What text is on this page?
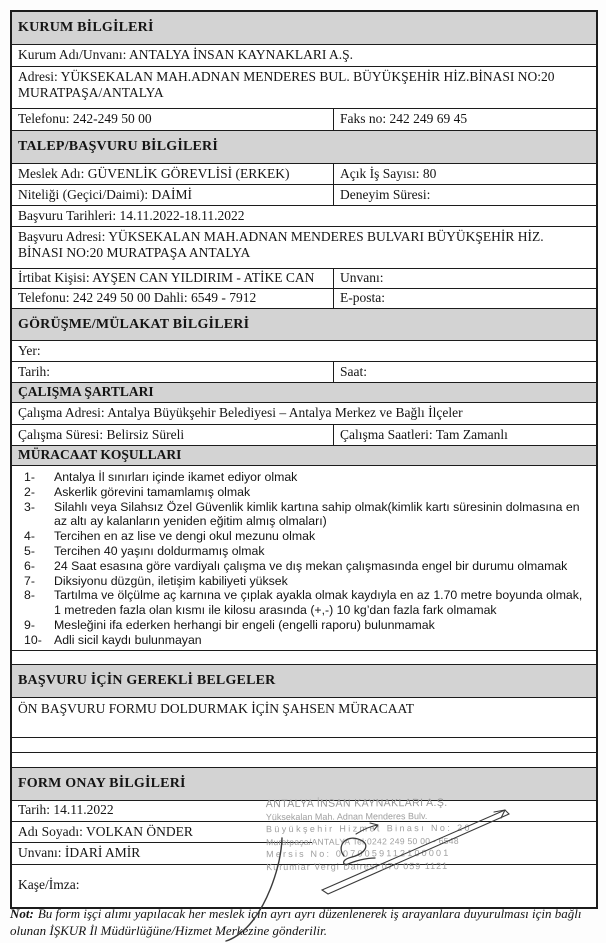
KURUM BİLGİLERİ
Kurum Adı/Unvanı: ANTALYA İNSAN KAYNAKLARI A.Ş.
Adresi: YÜKSEKALAN MAH.ADNAN MENDERES BUL. BÜYÜKŞEHİR HİZ.BİNASI NO:20 MURATPAŞA/ANTALYA
Telefonu: 242-249 50 00	Faks no: 242 249 69 45
TALEP/BAŞVURU BİLGİLERİ
Meslek Adı: GÜVENLİK GÖREVLİSİ (ERKEK)	Açık İş Sayısı: 80
Niteliği (Geçici/Daimi): DAİMİ	Deneyim Süresi:
Başvuru Tarihleri: 14.11.2022-18.11.2022
Başvuru Adresi: YÜKSEKALAN MAH.ADNAN MENDERES BULVARI BÜYÜKŞEHİR HİZ. BİNASI NO:20 MURATPAŞA ANTALYA
İrtibat Kişisi: AYŞEN CAN YILDIRIM - ATİKE CAN	Unvanı:
Telefonu: 242 249 50 00 Dahli: 6549 - 7912	E-posta:
GÖRÜŞME/MÜLAKAT BİLGİLERİ
Yer:
Tarih:	Saat:
ÇALIŞMA ŞARTLARI
Çalışma Adresi: Antalya Büyükşehir Belediyesi – Antalya Merkez ve Bağlı İlçeler
Çalışma Süresi: Belirsiz Süreli	Çalışma Saatleri: Tam Zamanlı
MÜRACAAT KOŞULLARI
Antalya İl sınırları içinde ikamet ediyor olmak
Askerlik görevini tamamlamış olmak
Silahlı veya Silahsız Özel Güvenlik kimlik kartına sahip olmak(kimlik kartı süresinin dolmasına en az altı ay kalanların yeniden eğitim almış olmaları)
Tercihen en az lise ve dengi okul mezunu olmak
Tercihen 40 yaşını doldurmamış olmak
24 Saat esasına göre vardiyalı çalışma ve dış mekan çalışmasında engel bir durumu olmamak
Diksiyonu düzgün, iletişim kabiliyeti yüksek
Tartılma ve ölçülme aç karnına ve çıplak ayakla olmak kaydıyla en az 1.70 metre boyunda olmak, 1 metreden fazla olan kısmı ile kilosu arasında (+,-) 10 kg’dan fazla fark olmamak
Mesleğini ifa ederken herhangi bir engeli (engelli raporu) bulunmamak
Adli sicil kaydı bulunmayan
BAŞVURU İÇİN GEREKLİ BELGELER
ÖN BAŞVURU FORMU DOLDURMAK İÇİN ŞAHSEN MÜRACAAT
FORM ONAY BİLGİLERİ
Tarih: 14.11.2022
Adı Soyadı: VOLKAN ÖNDER
Unvanı: İDARİ AMİR
Kaşe/İmza:
ANTALYA İNSAN KAYNAKLARI A.Ş.
Yüksekalan Mah. Adnan Menderes Bulv.
Büyükşehir Hizmet Binası No: 20
Muratpaşa/ANTALYA Tel:0242 249 50 00 - 6548
Mersis No: 0070059112100001
Kurumlar Vergi Dairesi 070 059 1121
Not: Bu form işçi alımı yapılacak her meslek için ayrı ayrı düzenlenerek iş arayanlara duyurulması için bağlı olunan İŞKUR İl Müdürlüğüne/Hizmet Merkezine gönderilir.
